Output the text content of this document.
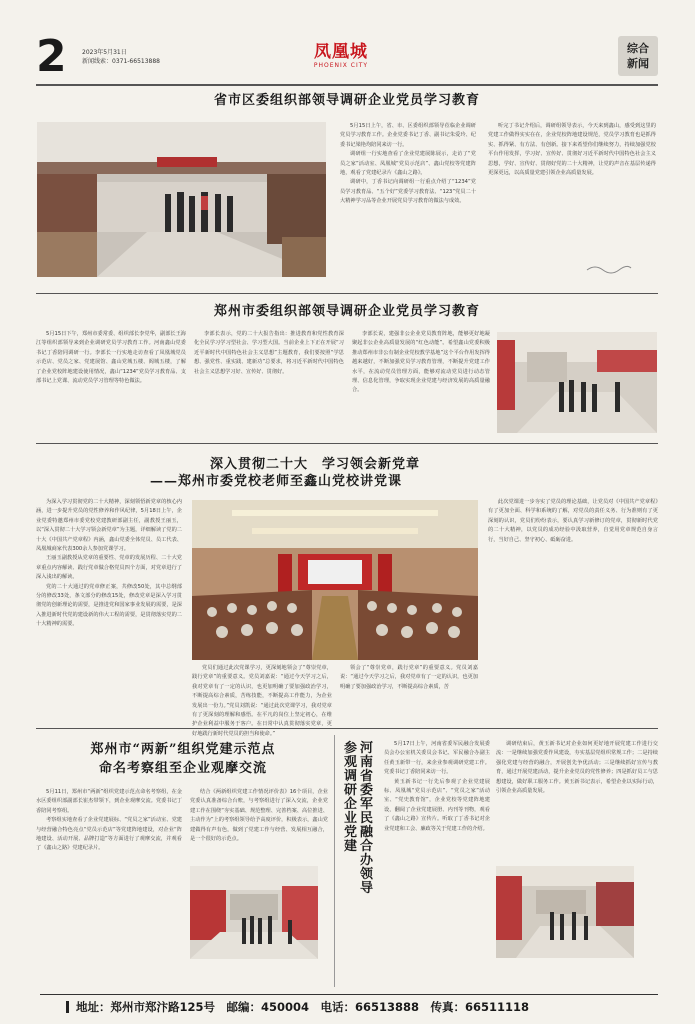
2	2023年5月31日
新闻线索：0371-66513888	凤凰城
PHOENIX CITY
综合
新闻
省市区委组织部领导调研企业党员学习教育

5月15日上午，省、市、区委组织部领导莅临企业调研党员学习教育工作。企业党委书记丁香、副书记朱爱玲、纪委书记梁艳均陪同来访一行。

调研组一行实地查看了企业党建展陈展示，走访了“党员之家”活动室、凤凰城“党员示范店”、鑫山党校等党建阵地，观看了党建纪录片《鑫山之路》。

调研中，丁香书记向调研组一行重点介绍了“1234”党员学习教育品、“五个好”党委学习教育法、“123”党员二十大精神学习品等企业开展党员学习教育的做法与成效。

听完丁书记介绍后，调研组领导表示，今天来到鑫山，感受到这里的党建工作做得实实在在，企业党校阵地建设规范，党员学习教育也是抓得实、抓得紧、有方法、有创新。接下来希望你们继续努力，持续加强党校平台作用发挥，学习好、宣传好、贯彻好习近平新时代中国特色社会主义思想，学好、宣传好、贯彻好党的二十大精神，让党的声音在基层传递得更深更远，以高质量党建引领企业高质量发展。

郑州市委组织部领导调研企业党员学习教育

5月15日下午，郑州市委常委、组织部长李党华，副部长王海江等组织部领导来到企业调研党员学习教育工作。河南鑫山党委书记丁香陪同调研一行。李部长一行实地走访查看了凤凰城党员示范店、党员之家、党建展馆、鑫山党城五楼、阁城五楼，了解了企业党校阵地建设使用情况，鑫山“1234”党员学习教育品、支部书记上党课、流动党员学习管理等特色做法。

李部长表示，党的二十大报告指出：推进教育和党性教育深化全民学习学习型社会、学习型大国。当前企业上下正在开展“习近平新时代中国特色社会主义思想”主题教育，我们要按照“学思想、强党性、重实践、建新功”总要求，将习近平新时代中国特色社会主义思想学习好、宣传好、贯彻好。

李部长说，建强非公企业党员教育阵地，能够更好地凝聚起非公企业高质量发展的“红色动能”。希望鑫山党委积极推动郑州市非公有制企业党校教学基地”这个平台作用发挥得越来越好，不断加强党员学习教育管理，不断提升党建工作水平，在流动党员管理方面，能够对流动党员进行动态管理、信息化管理，争取实现企业党建与经济发展的高质量融合。

深入贯彻二十大　学习领会新党章
——郑州市委党校老师至鑫山党校讲党课

为深入学习贯彻党的二十大精神，深刻领悟新党章的核心内涵，进一步提升党员的党性修养和作风纪律，5月18日上午，企业党委特邀郑州市委党校党建教研部副主任，副教授王丽玉，以“深入贯彻二十大学习领会新党章”为主题，详细解读了党的二十大《中国共产党章程》内涵，鑫山党委全体党员、员工代表、凤凰城商家代表300余人参加党课学习。

王丽玉副教授从党章的重要性、党章的发展历程、二十大党章重点内容解读、践行党章做合格党员四个方面，对党章进行了深入浅出的解读。

党的二十大通过的党章修正案，共修改50处，其中总纲部分的修改33处，条文部分的修改15处，修改党章是深入学习贯彻党的创新理论的需要，是推进党和国家事业发展的需要，是深入推进新时代党的建设新的伟大工程的需要，是贯彻落实党的二十大精神的需要。

党员们通过此次党课学习，更深刻地领会了“尊崇党章，践行党章”的重要意义。党员刘嘉说：“通过今天学习之后，我对党章有了一定的认识，也更加明确了要加强政治学习，不断提高综合素质，苦练技能，不断提高工作能力，为企业发展出一份力。”党员刘凯说：“通过此次党课学习，我对党章有了更深刻的理解和感悟。在平凡的岗位上坚定初心，在维护企业利益中服务于客户。在日常中认真贯彻落实党章，更好地践行新时代党员的担当和使命。”

领会了“尊崇党章，践行党章”的重要意义。党员刘嘉说：“通过今天学习之后，我对党章有了一定的认识，也更加明确了要加强政治学习，不断提高综合素质，苦

此次党课进一步夯实了党员的理论基础，让党员对《中国共产党章程》有了更加全面、科学和系统的了解，对党员的责任义务、行为准则有了更深刻的认识，党员们纷纷表示，要认真学习新修订的党章，贯彻新时代党的二十大精神，以党员的成功经验中汲取营养，自觉用党章规范自身言行，当好自己、坚守初心、砥砺奋进。

郑州市“两新”组织党建示范点
命名考察组至企业观摩交流

5月11日，郑州市“两新”组织党建示范点命名考察组，在金水区委组织部副部长崔杰带领下，到企业观摩交流。党委书记丁香陪同考察组。

考察组实地查看了企业党建展标、“党员之家”活动室、党建与经营融合特色亮点“党员示范店”等党建阵地建设，对企业“阵地建设、活动开展、品牌打造”等方面进行了观摩交流，并观看了《鑫山之路》党建纪录片。

结合《两新组织党建工作情况评价表》16个项目，企业党委认真准备综合台账，与考察组进行了深入交流，企业党建工作在围绕“夯实基础、规范整理、完善档案、高位推进、主动作为”上的考察组领导给予高度评价，积极表示，鑫山党建做得有声有色，做到了党建工作与经营、发展相互融合，是一个很好的示范点。

参观调研企业党建
河南省委军民融合办领导

5月17日上午，河南省委军民融合发展委员会办公室机关委员会书记、军民融合办副主任黄玉新带一行，来企业参观调研党建工作。党委书记丁香陪同来访一行。

黄玉新书记一行先后参观了企业党建展标、凤凰城“党员示范店”、“党员之家”活动室、“党史教育馆”，企业党校等党建阵地建设，翻阅了企业党建展册、内刊等刊物，观看了《鑫山之路》宣传片。听取了丁香书记对企业党建和工会、廉政等关于党建工作的介绍。

调研结束后，黄玉新书记对企业如何更好地开展党建工作进行交流：一是继续加强党委作风建设，夯实基层党组织常规工作；二是持续强化党建与经营的融合，开展创先争优活动；三是继续抓好宣传与教育，通过开展党建活动，提升企业党员的党性修养；四是抓好员工与思想建设，做好职工服务工作。黄玉新书记表示，希望企业以实际行动，引领企业高质量发展。

地址：郑州市郑汴路125号　邮编：450004　电话：66513888　传真：66511118
